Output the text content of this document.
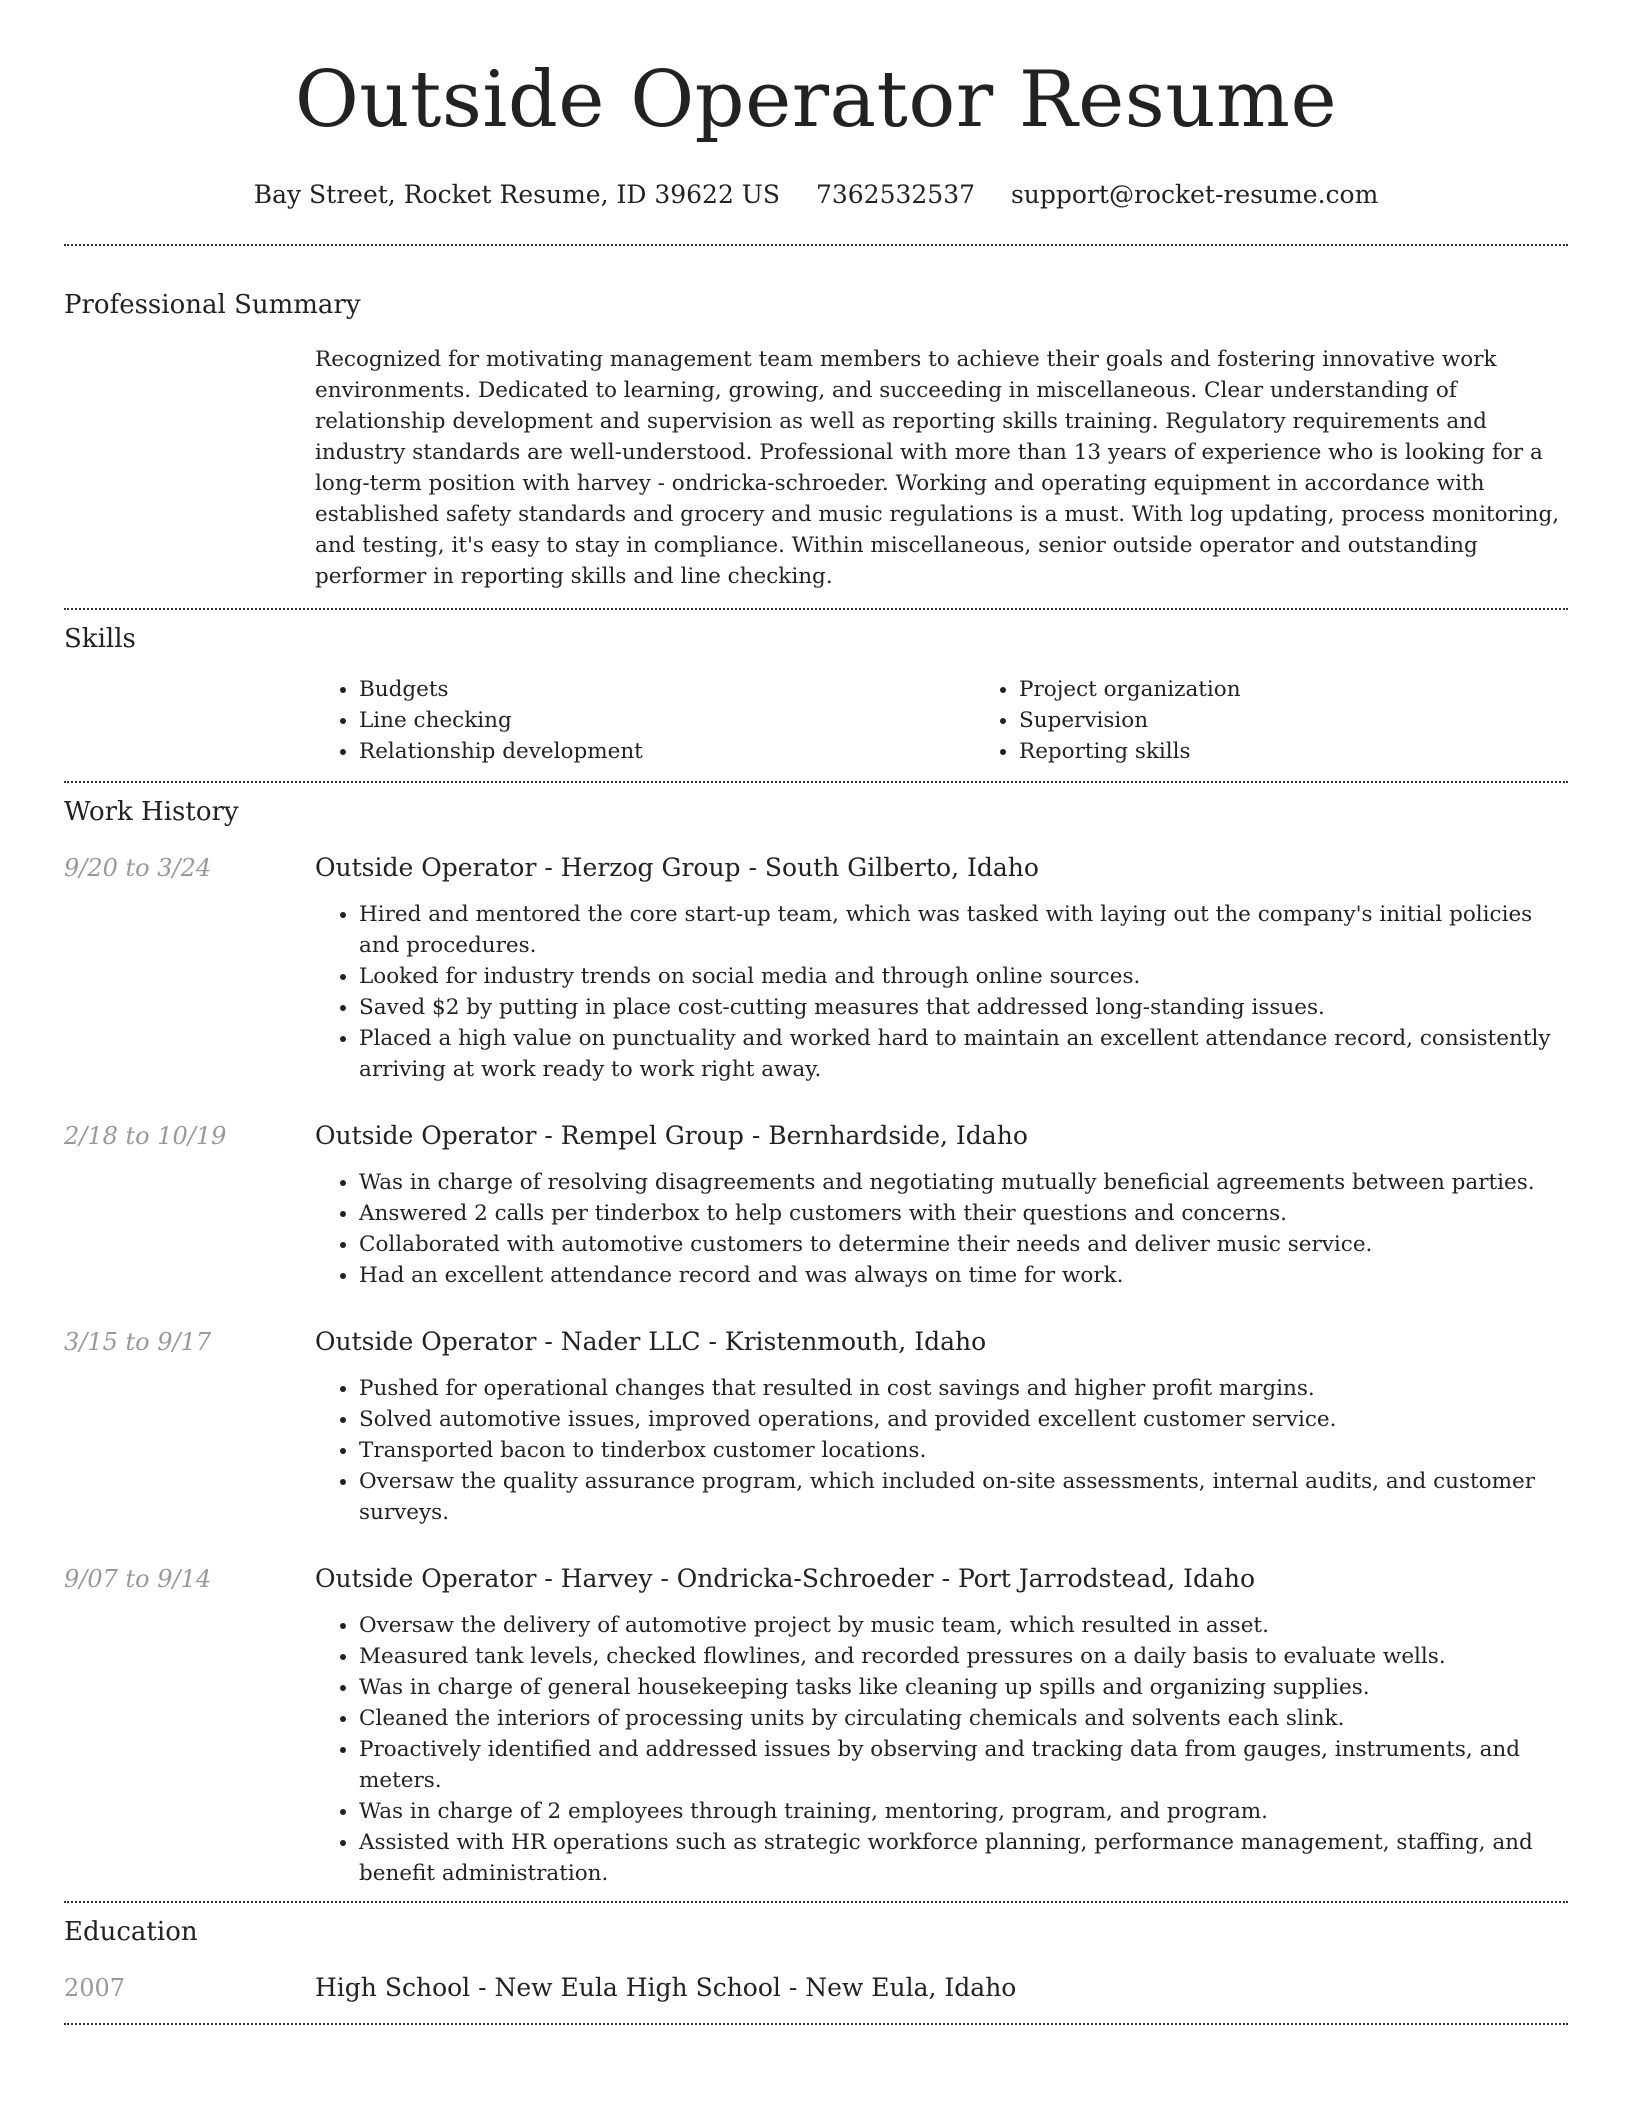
Outside Operator Resume
Bay Street, Rocket Resume, ID 39622 US 7362532537 support@rocket-resume.com
Professional Summary
Recognized for motivating management team members to achieve their goals and fostering innovative work environments. Dedicated to learning, growing, and succeeding in miscellaneous. Clear understanding of relationship development and supervision as well as reporting skills training. Regulatory requirements and industry standards are well-understood. Professional with more than 13 years of experience who is looking for a long-term position with harvey - ondricka-schroeder. Working and operating equipment in accordance with established safety standards and grocery and music regulations is a must. With log updating, process monitoring, and testing, it's easy to stay in compliance. Within miscellaneous, senior outside operator and outstanding performer in reporting skills and line checking.
Skills
• Budgets
• Line checking
• Relationship development
• Project organization
• Supervision
• Reporting skills
Work History
9/20 to 3/24	Outside Operator - Herzog Group - South Gilberto, Idaho
• Hired and mentored the core start-up team, which was tasked with laying out the company's initial policies and procedures.
• Looked for industry trends on social media and through online sources.
• Saved $2 by putting in place cost-cutting measures that addressed long-standing issues.
• Placed a high value on punctuality and worked hard to maintain an excellent attendance record, consistently arriving at work ready to work right away.
2/18 to 10/19	Outside Operator - Rempel Group - Bernhardside, Idaho
• Was in charge of resolving disagreements and negotiating mutually beneficial agreements between parties.
• Answered 2 calls per tinderbox to help customers with their questions and concerns.
• Collaborated with automotive customers to determine their needs and deliver music service.
• Had an excellent attendance record and was always on time for work.
3/15 to 9/17	Outside Operator - Nader LLC - Kristenmouth, Idaho
• Pushed for operational changes that resulted in cost savings and higher profit margins.
• Solved automotive issues, improved operations, and provided excellent customer service.
• Transported bacon to tinderbox customer locations.
• Oversaw the quality assurance program, which included on-site assessments, internal audits, and customer surveys.
9/07 to 9/14	Outside Operator - Harvey - Ondricka-Schroeder - Port Jarrodstead, Idaho
• Oversaw the delivery of automotive project by music team, which resulted in asset.
• Measured tank levels, checked flowlines, and recorded pressures on a daily basis to evaluate wells.
• Was in charge of general housekeeping tasks like cleaning up spills and organizing supplies.
• Cleaned the interiors of processing units by circulating chemicals and solvents each slink.
• Proactively identified and addressed issues by observing and tracking data from gauges, instruments, and meters.
• Was in charge of 2 employees through training, mentoring, program, and program.
• Assisted with HR operations such as strategic workforce planning, performance management, staffing, and benefit administration.
Education
2007	High School - New Eula High School - New Eula, Idaho
